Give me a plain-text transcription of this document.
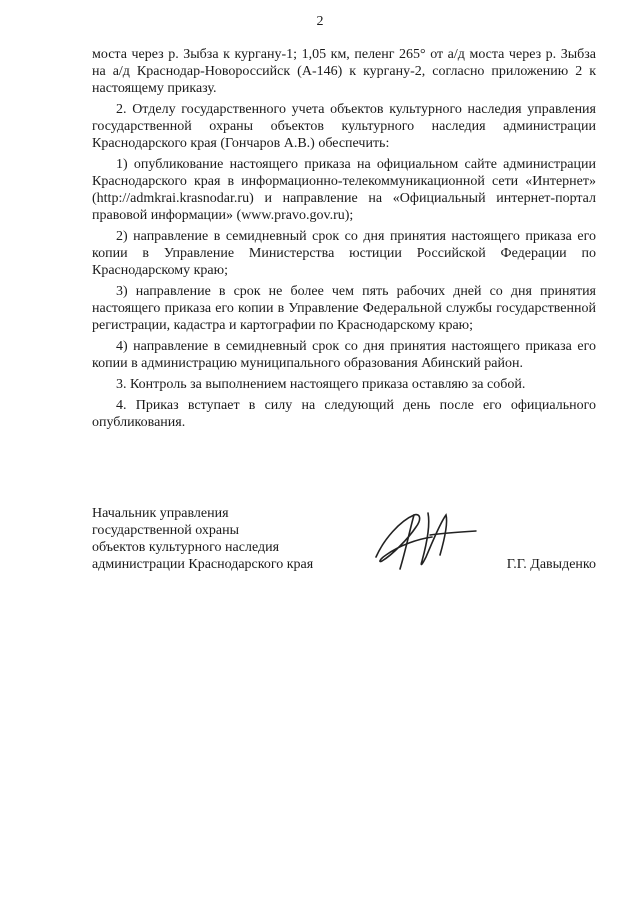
2

моста через р. Зыбза к кургану-1; 1,05 км, пеленг 265° от а/д моста через р. Зыбза на а/д Краснодар-Новороссийск (А-146) к кургану-2, согласно приложению 2 к настоящему приказу.

2. Отделу государственного учета объектов культурного наследия управления государственной охраны объектов культурного наследия администрации Краснодарского края (Гончаров А.В.) обеспечить:

1) опубликование настоящего приказа на официальном сайте администрации Краснодарского края в информационно-телекоммуникационной сети «Интернет» (http://admkrai.krasnodar.ru) и направление на «Официальный интернет-портал правовой информации» (www.pravo.gov.ru);

2) направление в семидневный срок со дня принятия настоящего приказа его копии в Управление Министерства юстиции Российской Федерации по Краснодарскому краю;

3) направление в срок не более чем пять рабочих дней со дня принятия настоящего приказа его копии в Управление Федеральной службы государственной регистрации, кадастра и картографии по Краснодарскому краю;

4) направление в семидневный срок со дня принятия настоящего приказа его копии в администрацию муниципального образования Абинский район.

3. Контроль за выполнением настоящего приказа оставляю за собой.

4. Приказ вступает в силу на следующий день после его официального опубликования.

Начальник управления
государственной охраны
объектов культурного наследия
администрации Краснодарского края	Г.Г. Давыденко
